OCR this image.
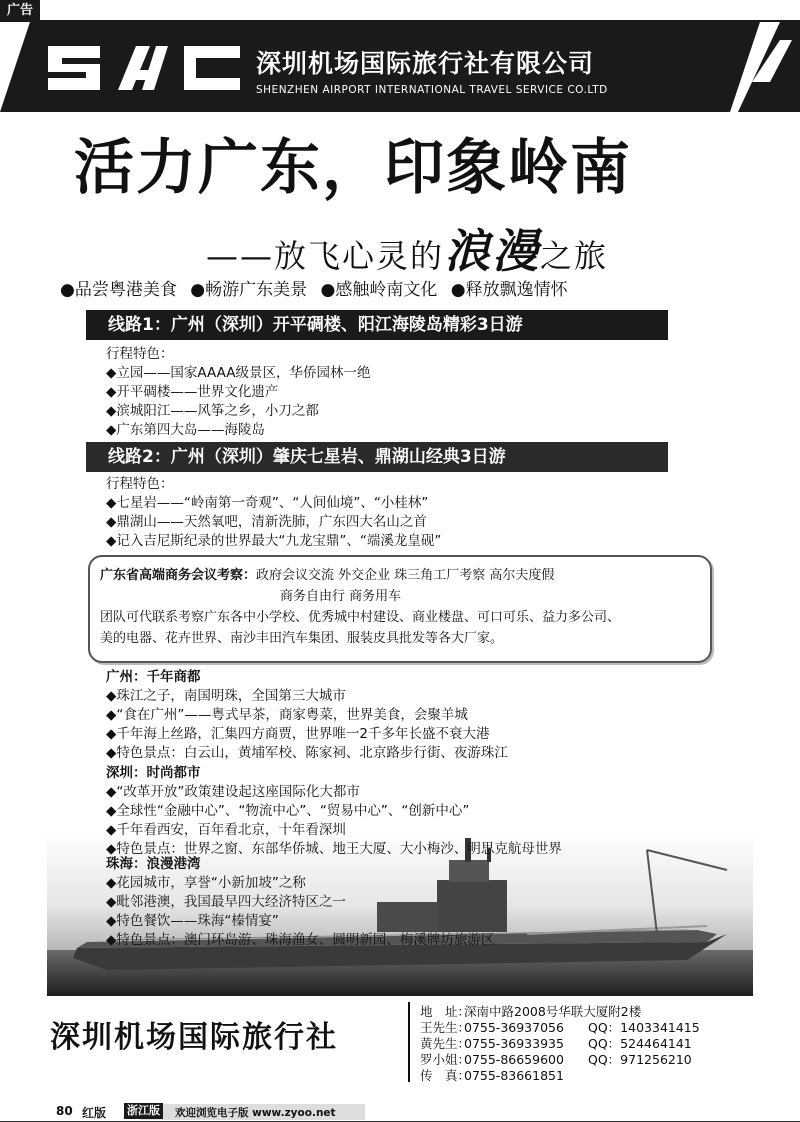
广告
深圳机场国际旅行社有限公司
SHENZHEN AIRPORT INTERNATIONAL TRAVEL SERVICE CO.LTD
活力广东，印象岭南
——放飞心灵的浪漫之旅
●品尝粤港美食 ●畅游广东美景 ●感触岭南文化 ●释放飘逸情怀
线路1：广州（深圳）开平碉楼、阳江海陵岛精彩3日游
行程特色：
◆立园——国家AAAA级景区，华侨园林一绝
◆开平碉楼——世界文化遗产
◆滨城阳江——风筝之乡，小刀之都
◆广东第四大岛——海陵岛
线路2：广州（深圳）肇庆七星岩、鼎湖山经典3日游
行程特色：
◆七星岩——“岭南第一奇观”、“人间仙境”、“小桂林”
◆鼎湖山——天然氧吧，清新洗肺，广东四大名山之首
◆记入吉尼斯纪录的世界最大“九龙宝鼎”、“端溪龙皇砚”
广东省高端商务会议考察：政府会议交流 外交企业 珠三角工厂考察 高尔夫度假
商务自由行 商务用车
团队可代联系考察广东各中小学校、优秀城中村建设、商业楼盘、可口可乐、益力多公司、
美的电器、花卉世界、南沙丰田汽车集团、服装皮具批发等各大厂家。
广州：千年商都
◆珠江之子，南国明珠，全国第三大城市
◆“食在广州”——粤式早茶，商家粤菜，世界美食，会聚羊城
◆千年海上丝路，汇集四方商贾，世界唯一2千多年长盛不衰大港
◆特色景点：白云山，黄埔军校、陈家祠、北京路步行街、夜游珠江
深圳：时尚都市
◆“改革开放”政策建设起这座国际化大都市
◆全球性“金融中心”、“物流中心”、“贸易中心”、“创新中心”
◆千年看西安，百年看北京，十年看深圳
◆特色景点：世界之窗、东部华侨城、地王大厦、大小梅沙、明思克航母世界
珠海：浪漫港湾
◆花园城市，享誉“小新加坡”之称
◆毗邻港澳，我国最早四大经济特区之一
◆特色餐饮——珠海“榛情宴”
◆特色景点：澳门环岛游、珠海渔女、圆明新园、梅溪牌坊旅游区
深圳机场国际旅行社
地　址：深南中路2008号华联大厦附2楼
王先生：0755-36937056 QQ：1403341415
黄先生：0755-36933935 QQ：524464141
罗小姐：0755-86659600 QQ：971256210
传　真：0755-83661851
80 红版 浙江版 欢迎浏览电子版 www.zyoo.net
